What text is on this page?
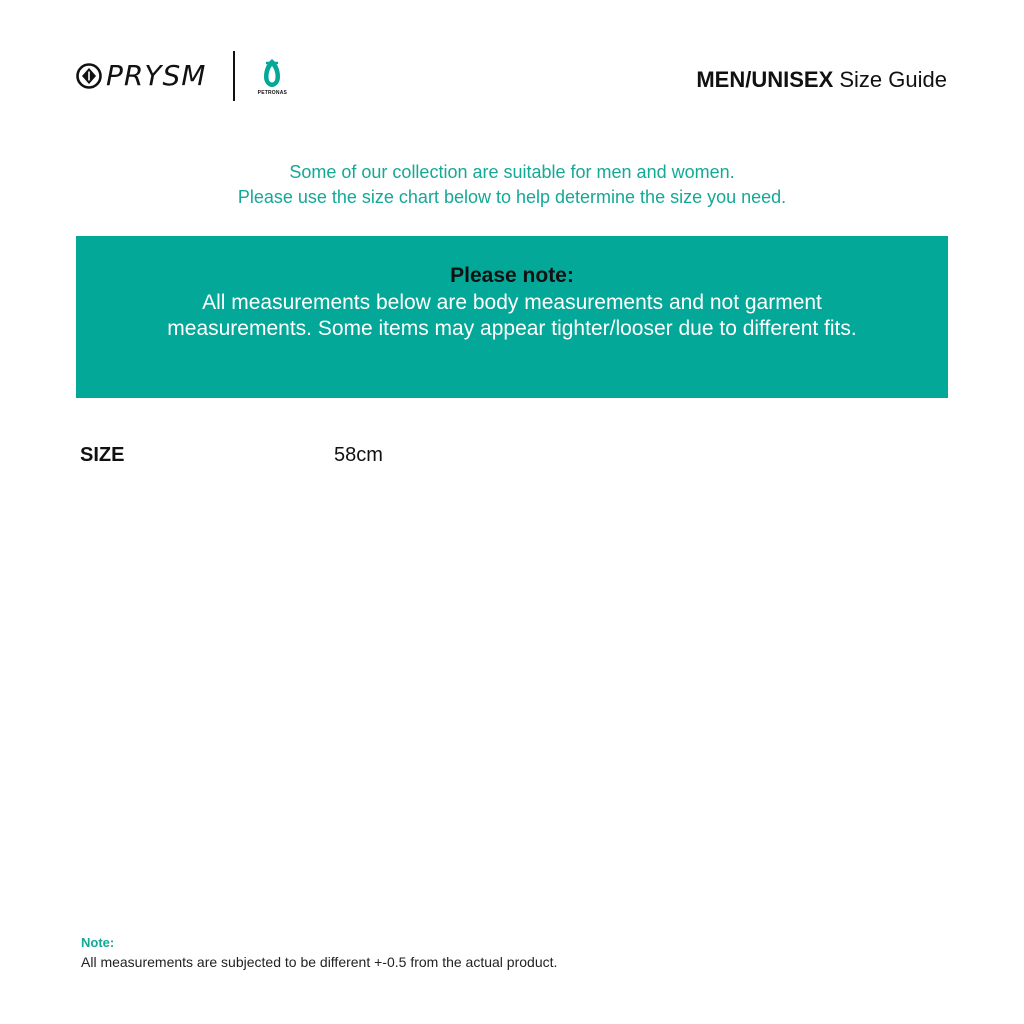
PRYSM
PETRONAS
MEN/UNISEX Size Guide
Some of our collection are suitable for men and women.
Please use the size chart below to help determine the size you need.
Please note:
All measurements below are body measurements and not garment measurements. Some items may appear tighter/looser due to different fits.
SIZE	58cm
Note:
All measurements are subjected to be different +-0.5 from the actual product.
